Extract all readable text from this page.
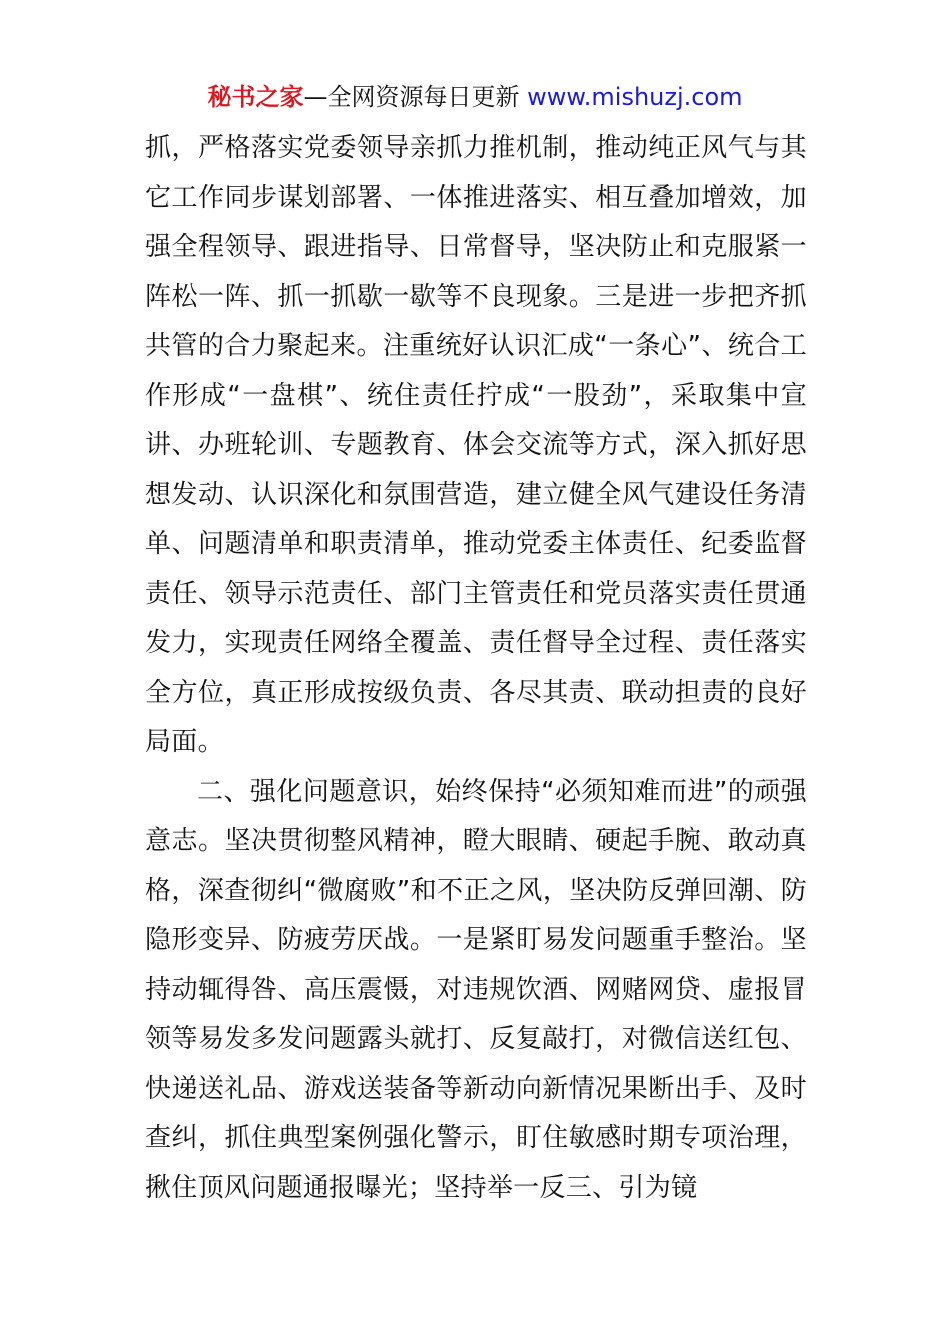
秘书之家—全网资源每日更新 www.mishuzj.com

抓，严格落实党委领导亲抓力推机制，推动纯正风气与其它工作同步谋划部署、一体推进落实、相互叠加增效，加强全程领导、跟进指导、日常督导，坚决防止和克服紧一阵松一阵、抓一抓歇一歇等不良现象。三是进一步把齐抓共管的合力聚起来。注重统好认识汇成“一条心”、统合工作形成“一盘棋”、统住责任拧成“一股劲”，采取集中宣讲、办班轮训、专题教育、体会交流等方式，深入抓好思想发动、认识深化和氛围营造，建立健全风气建设任务清单、问题清单和职责清单，推动党委主体责任、纪委监督责任、领导示范责任、部门主管责任和党员落实责任贯通发力，实现责任网络全覆盖、责任督导全过程、责任落实全方位，真正形成按级负责、各尽其责、联动担责的良好局面。

二、强化问题意识，始终保持“必须知难而进”的顽强意志。坚决贯彻整风精神，瞪大眼睛、硬起手腕、敢动真格，深查彻纠“微腐败”和不正之风，坚决防反弹回潮、防隐形变异、防疲劳厌战。一是紧盯易发问题重手整治。坚持动辄得咎、高压震慑，对违规饮酒、网赌网贷、虚报冒领等易发多发问题露头就打、反复敲打，对微信送红包、快递送礼品、游戏送装备等新动向新情况果断出手、及时查纠，抓住典型案例强化警示，盯住敏感时期专项治理，揪住顶风问题通报曝光；坚持举一反三、引为镜
